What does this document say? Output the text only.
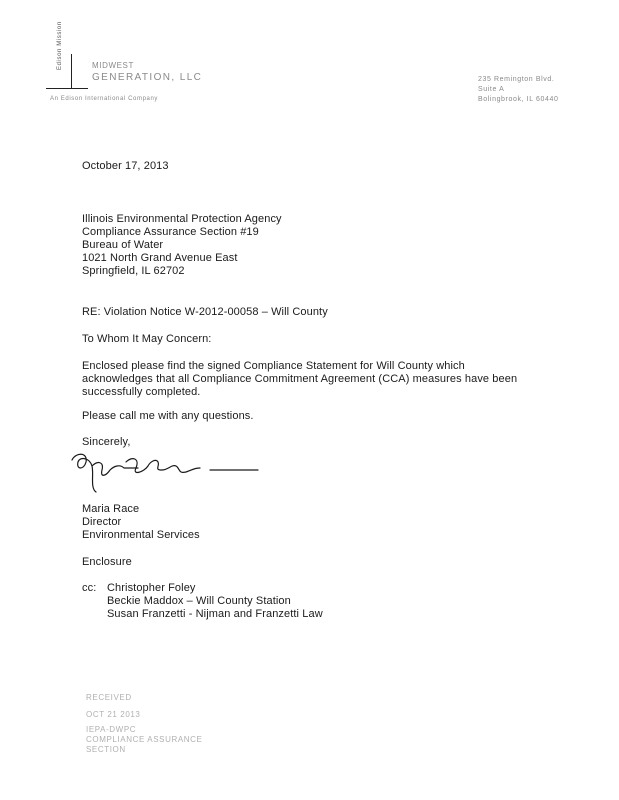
Edison Mission	MIDWEST
GENERATION, LLC
An Edison International Company
235 Remington Blvd.
Suite A
Bolingbrook, IL 60440
October 17, 2013
Illinois Environmental Protection Agency
Compliance Assurance Section #19
Bureau of Water
1021 North Grand Avenue East
Springfield, IL 62702
RE: Violation Notice W-2012-00058 – Will County
To Whom It May Concern:
Enclosed please find the signed Compliance Statement for Will County which
acknowledges that all Compliance Commitment Agreement (CCA) measures have been
successfully completed.
Please call me with any questions.
Sincerely,
Maria Race
Director
Environmental Services
Enclosure
cc: Christopher Foley
Beckie Maddox – Will County Station
Susan Franzetti - Nijman and Franzetti Law
RECEIVED
OCT 21 2013
IEPA-DWPC
COMPLIANCE ASSURANCE
SECTION
